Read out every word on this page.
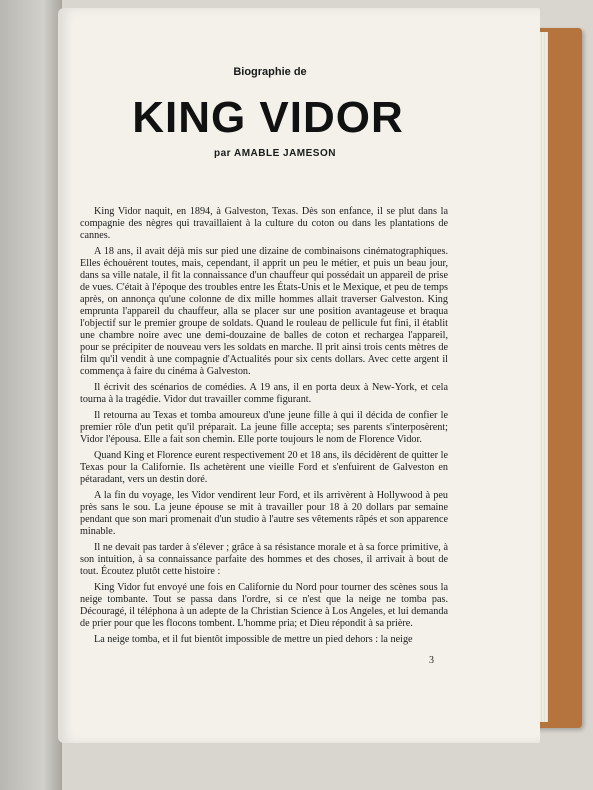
Biographie de
KING VIDOR
par AMABLE JAMESON

King Vidor naquit, en 1894, à Galveston, Texas. Dès son enfance, il se plut dans la compagnie des nègres qui travaillaient à la culture du coton ou dans les plantations de cannes.

A 18 ans, il avait déjà mis sur pied une dizaine de combinaisons cinématographiques. Elles échouèrent toutes, mais, cependant, il apprit un peu le métier, et puis un beau jour, dans sa ville natale, il fit la connaissance d'un chauffeur qui possédait un appareil de prise de vues. C'était à l'époque des troubles entre les États-Unis et le Mexique, et peu de temps après, on annonça qu'une colonne de dix mille hommes allait traverser Galveston. King emprunta l'appareil du chauffeur, alla se placer sur une position avantageuse et braqua l'objectif sur le premier groupe de soldats. Quand le rouleau de pellicule fut fini, il établit une chambre noire avec une demi-douzaine de balles de coton et rechargea l'appareil, pour se précipiter de nouveau vers les soldats en marche. Il prit ainsi trois cents mètres de film qu'il vendit à une compagnie d'Actualités pour six cents dollars. Avec cette argent il commença à faire du cinéma à Galveston.

Il écrivit des scénarios de comédies. A 19 ans, il en porta deux à New-York, et cela tourna à la tragédie. Vidor dut travailler comme figurant.

Il retourna au Texas et tomba amoureux d'une jeune fille à qui il décida de confier le premier rôle d'un petit qu'il préparait. La jeune fille accepta; ses parents s'interposèrent; Vidor l'épousa. Elle a fait son chemin. Elle porte toujours le nom de Florence Vidor.

Quand King et Florence eurent respectivement 20 et 18 ans, ils décidèrent de quitter le Texas pour la Californie. Ils achetèrent une vieille Ford et s'enfuirent de Galveston en pétaradant, vers un destin doré.

A la fin du voyage, les Vidor vendirent leur Ford, et ils arrivèrent à Hollywood à peu près sans le sou. La jeune épouse se mit à travailler pour 18 à 20 dollars par semaine pendant que son mari promenait d'un studio à l'autre ses vêtements râpés et son apparence minable.

Il ne devait pas tarder à s'élever ; grâce à sa résistance morale et à sa force primitive, à son intuition, à sa connaissance parfaite des hommes et des choses, il arrivait à bout de tout. Écoutez plutôt cette histoire :

King Vidor fut envoyé une fois en Californie du Nord pour tourner des scènes sous la neige tombante. Tout se passa dans l'ordre, si ce n'est que la neige ne tomba pas. Découragé, il téléphona à un adepte de la Christian Science à Los Angeles, et lui demanda de prier pour que les flocons tombent. L'homme pria; et Dieu répondit à sa prière.

La neige tomba, et il fut bientôt impossible de mettre un pied dehors : la neige

3
